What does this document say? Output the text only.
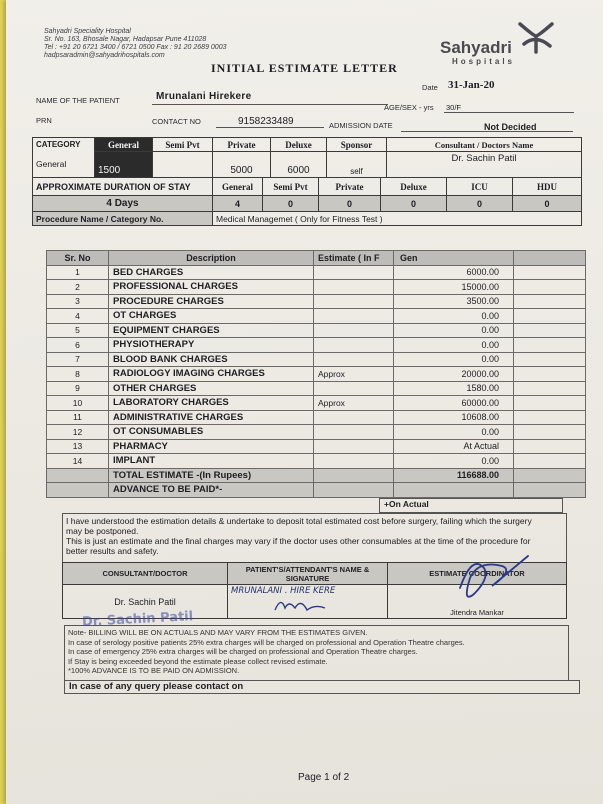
Sahyadri Speciality Hospital
Sr. No. 163, Bhosale Nagar, Hadapsar Pune 411028
Tel : +91 20 6721 3400 / 6721 0500 Fax : 91 20 2689 0003
hadpsaradmin@sahyadrihospitals.com	Sahyadri
Hospitals
INITIAL ESTIMATE LETTER
Date 31-Jan-20
NAME OF THE PATIENT	Mrunalani Hirekere
AGE/SEX - yrs 30/F
PRN	CONTACT NO	9158233489	ADMISSION DATE	Not Decided
CATEGORY	General	Semi Pvt	Private	Deluxe	Sponsor	Consultant / Doctors Name
General	1500		5000	6000	self	Dr. Sachin Patil
APPROXIMATE DURATION OF STAY	General	Semi Pvt	Private	Deluxe	ICU	HDU
4 Days	4	0	0	0	0	0
Procedure Name / Category No.	Medical Managemet ( Only for Fitness Test )					
Sr. No	Description	Estimate ( In F	Gen	
1	BED CHARGES		6000.00	
2	PROFESSIONAL CHARGES		15000.00	
3	PROCEDURE CHARGES		3500.00	
4	OT CHARGES		0.00	
5	EQUIPMENT CHARGES		0.00	
6	PHYSIOTHERAPY		0.00	
7	BLOOD BANK CHARGES		0.00	
8	RADIOLOGY IMAGING CHARGES	Approx	20000.00	
9	OTHER CHARGES		1580.00	
10	LABORATORY CHARGES	Approx	60000.00	
11	ADMINISTRATIVE CHARGES		10608.00	
12	OT CONSUMABLES		0.00	
13	PHARMACY		At Actual	
14	IMPLANT		0.00	
	TOTAL ESTIMATE -(In Rupees)		116688.00	
	ADVANCE TO BE PAID*-			
+On Actual
I have understood the estimation details & undertake to deposit total estimated cost before surgery, failing which the surgery
may be postponed.
This is just an estimate and the final charges may vary if the doctor uses other consumables at the time of the procedure for
better results and safety.
CONSULTANT/DOCTOR	PATIENT'S/ATTENDANT'S NAME & SIGNATURE	ESTIMATE COORDINATOR
Dr. Sachin Patil	MRUNALANI . HIRE KERE	Jitendra Mankar
Note- BILLING WILL BE ON ACTUALS AND MAY VARY FROM THE ESTIMATES GIVEN.
In case of serology positive patients 25% extra charges will be charged on professional and Operation Theatre charges.
In case of emergency 25% extra charges will be charged on professional and Operation Theatre charges.
If Stay is being exceeded beyond the estimate please collect revised estimate.
*100% ADVANCE IS TO BE PAID ON ADMISSION.
Dr. Sachin Patil
In case of any query please contact on
Page 1 of 2
